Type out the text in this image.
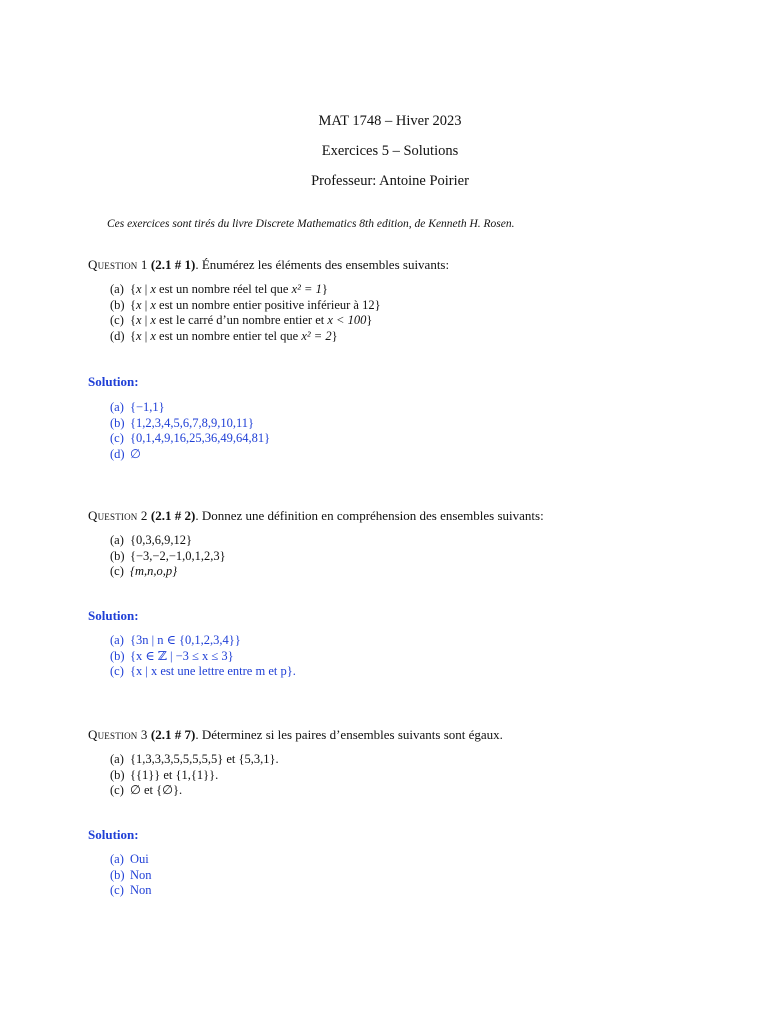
MAT 1748 – Hiver 2023
Exercices 5 – Solutions
Professeur: Antoine Poirier
Ces exercices sont tirés du livre Discrete Mathematics 8th edition, de Kenneth H. Rosen.
Question 1 (2.1 # 1). Énumérez les éléments des ensembles suivants:
(a) {x | x est un nombre réel tel que x² = 1}
(b) {x | x est un nombre entier positive inférieur à 12}
(c) {x | x est le carré d’un nombre entier et x < 100}
(d) {x | x est un nombre entier tel que x² = 2}
Solution:
(a) {−1,1}
(b) {1,2,3,4,5,6,7,8,9,10,11}
(c) {0,1,4,9,16,25,36,49,64,81}
(d) ∅
Question 2 (2.1 # 2). Donnez une définition en compréhension des ensembles suivants:
(a) {0,3,6,9,12}
(b) {−3,−2,−1,0,1,2,3}
(c) {m,n,o,p}
Solution:
(a) {3n | n ∈ {0,1,2,3,4}}
(b) {x ∈ ℤ | −3 ≤ x ≤ 3}
(c) {x | x est une lettre entre m et p}.
Question 3 (2.1 # 7). Déterminez si les paires d’ensembles suivants sont égaux.
(a) {1,3,3,3,5,5,5,5,5} et {5,3,1}.
(b) {{1}} et {1,{1}}.
(c) ∅ et {∅}.
Solution:
(a) Oui
(b) Non
(c) Non
